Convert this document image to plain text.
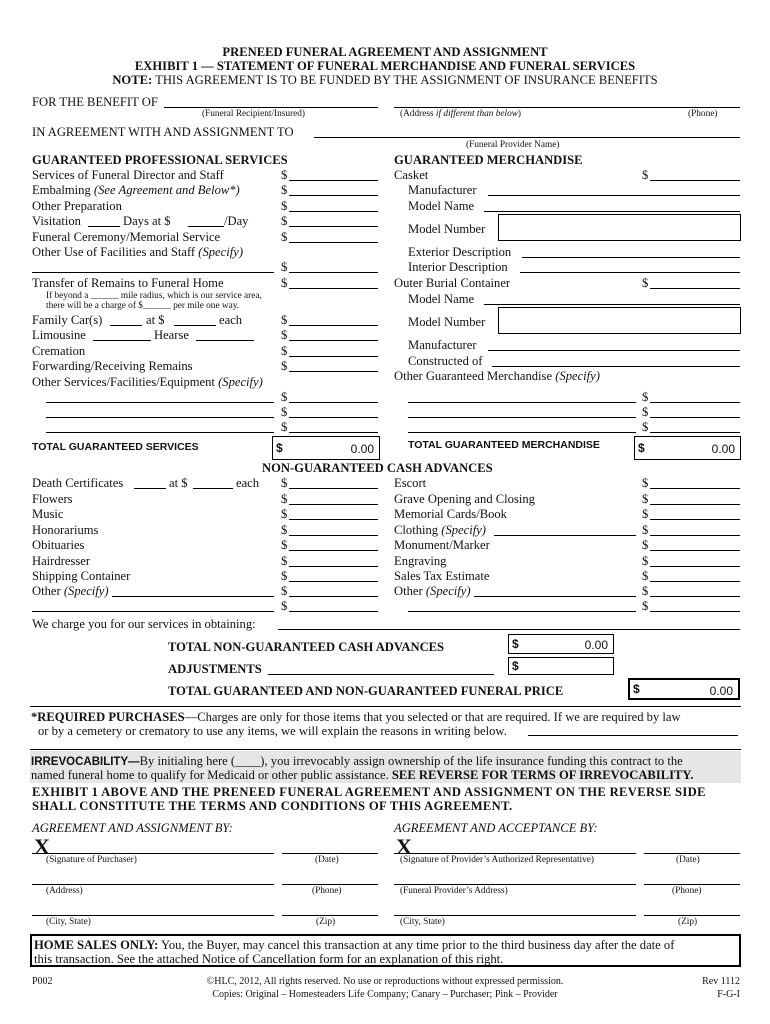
PRENEED FUNERAL AGREEMENT AND ASSIGNMENT
EXHIBIT 1 — STATEMENT OF FUNERAL MERCHANDISE AND FUNERAL SERVICES
NOTE: THIS AGREEMENT IS TO BE FUNDED BY THE ASSIGNMENT OF INSURANCE BENEFITS
FOR THE BENEFIT OF
(Funeral Recipient/Insured)	(Address if different than below)	(Phone)
IN AGREEMENT WITH AND ASSIGNMENT TO
(Funeral Provider Name)
GUARANTEED PROFESSIONAL SERVICES
Services of Funeral Director and Staff	$
Embalming (See Agreement and Below*)	$
Other Preparation	$
Visitation	Days at $	/Day	$
Funeral Ceremony/Memorial Service	$
Other Use of Facilities and Staff (Specify)
$
Transfer of Remains to Funeral Home	$
If beyond a ______ mile radius, which is our service area,
there will be a charge of $______ per mile one way.
Family Car(s)	at $	each	$
Limousine	Hearse	$
Cremation	$
Forwarding/Receiving Remains	$
Other Services/Facilities/Equipment (Specify)
$
$
$
TOTAL GUARANTEED SERVICES	$	0.00
GUARANTEED MERCHANDISE
Casket	$
Manufacturer
Model Name
Model Number
Exterior Description
Interior Description
Outer Burial Container	$
Model Name
Model Number
Manufacturer
Constructed of
Other Guaranteed Merchandise (Specify)
$
$
$
TOTAL GUARANTEED MERCHANDISE	$	0.00
NON-GUARANTEED CASH ADVANCES
Death Certificates	at $	each $
Flowers	$
Music	$
Honorariums	$
Obituaries	$
Hairdresser	$
Shipping Container	$
Other (Specify)	$
$
Escort	$
Grave Opening and Closing	$
Memorial Cards/Book	$
Clothing (Specify)	$
Monument/Marker	$
Engraving	$
Sales Tax Estimate	$
Other (Specify)	$
$
We charge you for our services in obtaining:
TOTAL NON-GUARANTEED CASH ADVANCES	$	0.00
ADJUSTMENTS	$
TOTAL GUARANTEED AND NON-GUARANTEED FUNERAL PRICE	$	0.00
*REQUIRED PURCHASES—Charges are only for those items that you selected or that are required. If we are required by law
or by a cemetery or crematory to use any items, we will explain the reasons in writing below.
IRREVOCABILITY—By initialing here (____), you irrevocably assign ownership of the life insurance funding this contract to the
named funeral home to qualify for Medicaid or other public assistance. SEE REVERSE FOR TERMS OF IRREVOCABILITY.
EXHIBIT 1 ABOVE AND THE PRENEED FUNERAL AGREEMENT AND ASSIGNMENT ON THE REVERSE SIDE
SHALL CONSTITUTE THE TERMS AND CONDITIONS OF THIS AGREEMENT.
AGREEMENT AND ASSIGNMENT BY:	AGREEMENT AND ACCEPTANCE BY:
X
(Signature of Purchaser)	(Date)
X
(Signature of Provider’s Authorized Representative)	(Date)
(Address)	(Phone)	(Funeral Provider’s Address)	(Phone)
(City, State)	(Zip)	(City, State)	(Zip)
HOME SALES ONLY: You, the Buyer, may cancel this transaction at any time prior to the third business day after the date of
this transaction. See the attached Notice of Cancellation form for an explanation of this right.
P002	©HLC, 2012, All rights reserved. No use or reproductions without expressed permission.
Copies: Original – Homesteaders Life Company; Canary – Purchaser; Pink – Provider
Rev 1112
F-G-I
